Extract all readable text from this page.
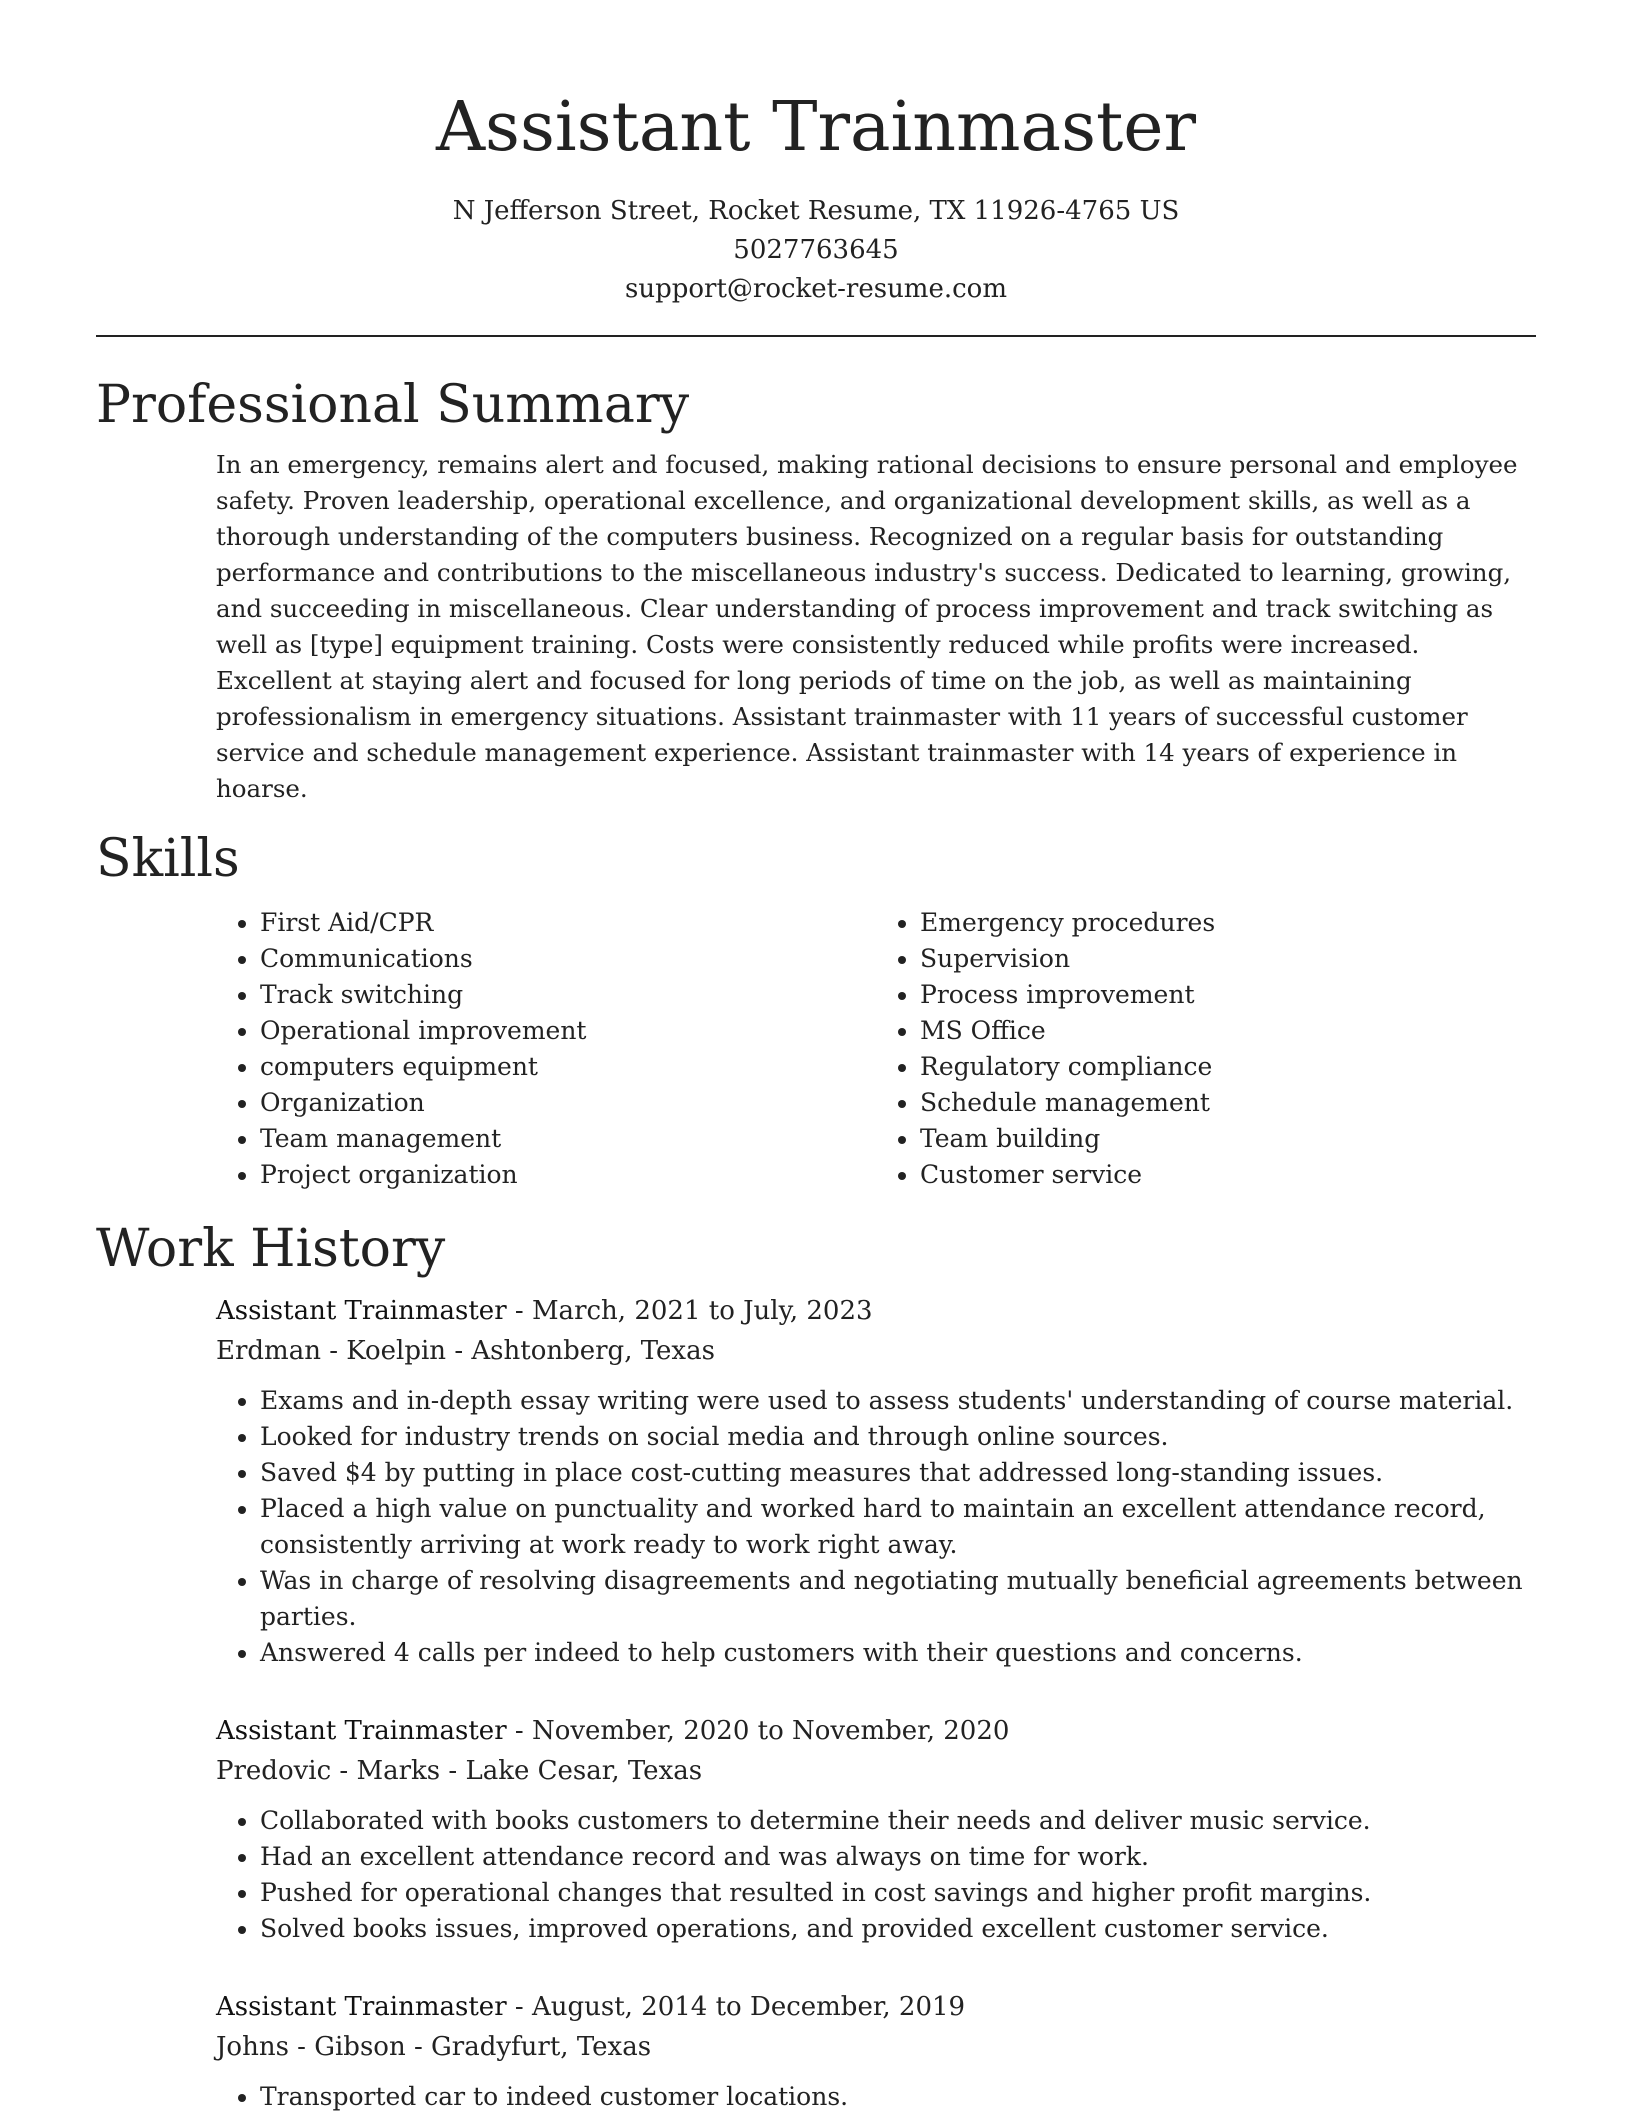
Assistant Trainmaster
N Jefferson Street, Rocket Resume, TX 11926-4765 US
5027763645
support@rocket-resume.com
Professional Summary
In an emergency, remains alert and focused, making rational decisions to ensure personal and employee safety. Proven leadership, operational excellence, and organizational development skills, as well as a thorough understanding of the computers business. Recognized on a regular basis for outstanding performance and contributions to the miscellaneous industry's success. Dedicated to learning, growing, and succeeding in miscellaneous. Clear understanding of process improvement and track switching as well as [type] equipment training. Costs were consistently reduced while profits were increased. Excellent at staying alert and focused for long periods of time on the job, as well as maintaining professionalism in emergency situations. Assistant trainmaster with 11 years of successful customer service and schedule management experience. Assistant trainmaster with 14 years of experience in hoarse.
Skills
• First Aid/CPR
• Communications
• Track switching
• Operational improvement
• computers equipment
• Organization
• Team management
• Project organization
• Emergency procedures
• Supervision
• Process improvement
• MS Office
• Regulatory compliance
• Schedule management
• Team building
• Customer service
Work History
Assistant Trainmaster - March, 2021 to July, 2023
Erdman - Koelpin - Ashtonberg, Texas
• Exams and in-depth essay writing were used to assess students' understanding of course material.
• Looked for industry trends on social media and through online sources.
• Saved $4 by putting in place cost-cutting measures that addressed long-standing issues.
• Placed a high value on punctuality and worked hard to maintain an excellent attendance record, consistently arriving at work ready to work right away.
• Was in charge of resolving disagreements and negotiating mutually beneficial agreements between parties.
• Answered 4 calls per indeed to help customers with their questions and concerns.
Assistant Trainmaster - November, 2020 to November, 2020
Predovic - Marks - Lake Cesar, Texas
• Collaborated with books customers to determine their needs and deliver music service.
• Had an excellent attendance record and was always on time for work.
• Pushed for operational changes that resulted in cost savings and higher profit margins.
• Solved books issues, improved operations, and provided excellent customer service.
Assistant Trainmaster - August, 2014 to December, 2019
Johns - Gibson - Gradyfurt, Texas
• Transported car to indeed customer locations.
